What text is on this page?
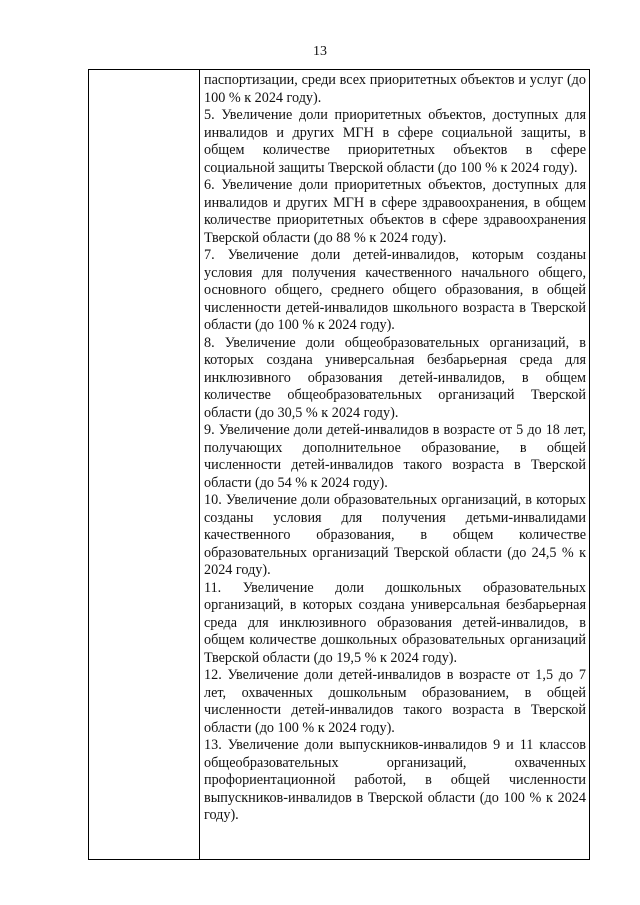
13

паспортизации, среди всех приоритетных объектов и услуг (до 100 % к 2024 году).

5. Увеличение доли приоритетных объектов, доступных для инвалидов и других МГН в сфере социальной защиты, в общем количестве приоритетных объектов в сфере социальной защиты Тверской области (до 100 % к 2024 году).

6. Увеличение доли приоритетных объектов, доступных для инвалидов и других МГН в сфере здравоохранения, в общем количестве приоритетных объектов в сфере здравоохранения Тверской области (до 88 % к 2024 году).

7. Увеличение доли детей-инвалидов, которым созданы условия для получения качественного начального общего, основного общего, среднего общего образования, в общей численности детей-инвалидов школьного возраста в Тверской области (до 100 % к 2024 году).

8. Увеличение доли общеобразовательных организаций, в которых создана универсальная безбарьерная среда для инклюзивного образования детей-инвалидов, в общем количестве общеобразовательных организаций Тверской области (до 30,5 % к 2024 году).

9. Увеличение доли детей-инвалидов в возрасте от 5 до 18 лет, получающих дополнительное образование, в общей численности детей-инвалидов такого возраста в Тверской области (до 54 % к 2024 году).

10. Увеличение доли образовательных организаций, в которых созданы условия для получения детьми-инвалидами качественного образования, в общем количестве образовательных организаций Тверской области (до 24,5 % к 2024 году).

11. Увеличение доли дошкольных образовательных организаций, в которых создана универсальная безбарьерная среда для инклюзивного образования детей-инвалидов, в общем количестве дошкольных образовательных организаций Тверской области (до 19,5 % к 2024 году).

12. Увеличение доли детей-инвалидов в возрасте от 1,5 до 7 лет, охваченных дошкольным образованием, в общей численности детей-инвалидов такого возраста в Тверской области (до 100 % к 2024 году).

13. Увеличение доли выпускников-инвалидов 9 и 11 классов общеобразовательных организаций, охваченных профориентационной работой, в общей численности выпускников-инвалидов в Тверской области (до 100 % к 2024 году).
